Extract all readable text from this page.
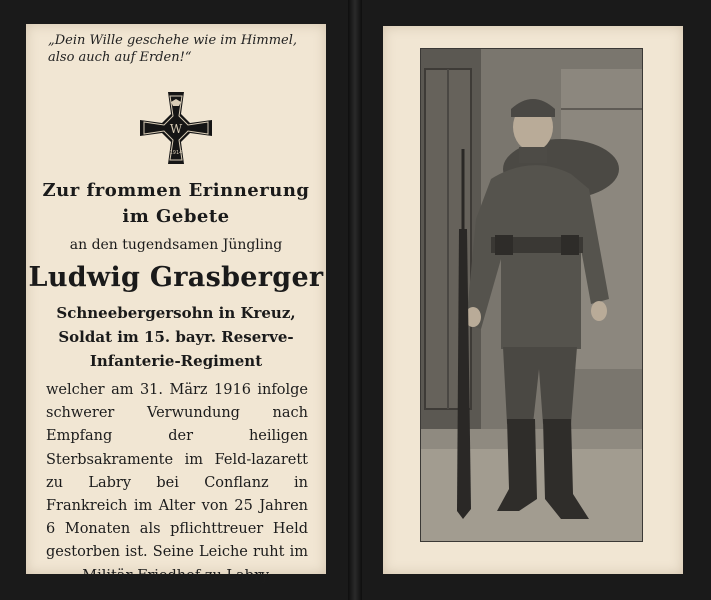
„Dein Wille geschehe wie im Himmel, also auch auf Erden!“
W
1914
Zur frommen Erinnerung
im Gebete
an den tugendsamen Jüngling
Ludwig Grasberger
Schneebergersohn in Kreuz,
Soldat im 15. bayr. Reserve-
Infanterie-Regiment
welcher am 31. März 1916 infolge schwerer Verwundung nach Empfang der heiligen Sterbsakramente im Feld-lazarett zu Labry bei Conflanz in Frankreich im Alter von 25 Jahren 6 Monaten als pflichttreuer Held gestorben ist. Seine Leiche ruht im Militär-Friedhof zu Labry.
